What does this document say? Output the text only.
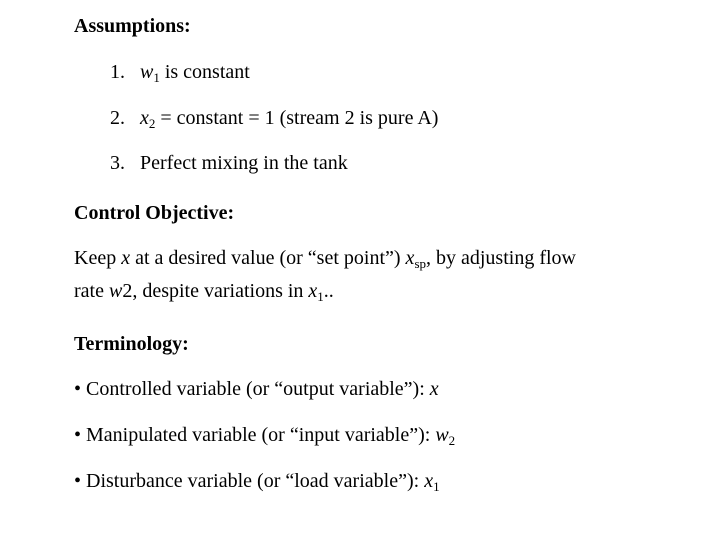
Assumptions:
1. $w_1$ is constant
2. $x_2$ = constant = 1 (stream 2 is pure A)
3. Perfect mixing in the tank
Control Objective:
Keep x at a desired value (or “set point”) $x_{sp}$, by adjusting flow
rate w2, despite variations in $x_1$..
Terminology:
• Controlled variable (or “output variable”): x
• Manipulated variable (or “input variable”): $w_2$
• Disturbance variable (or “load variable”): $x_1$
